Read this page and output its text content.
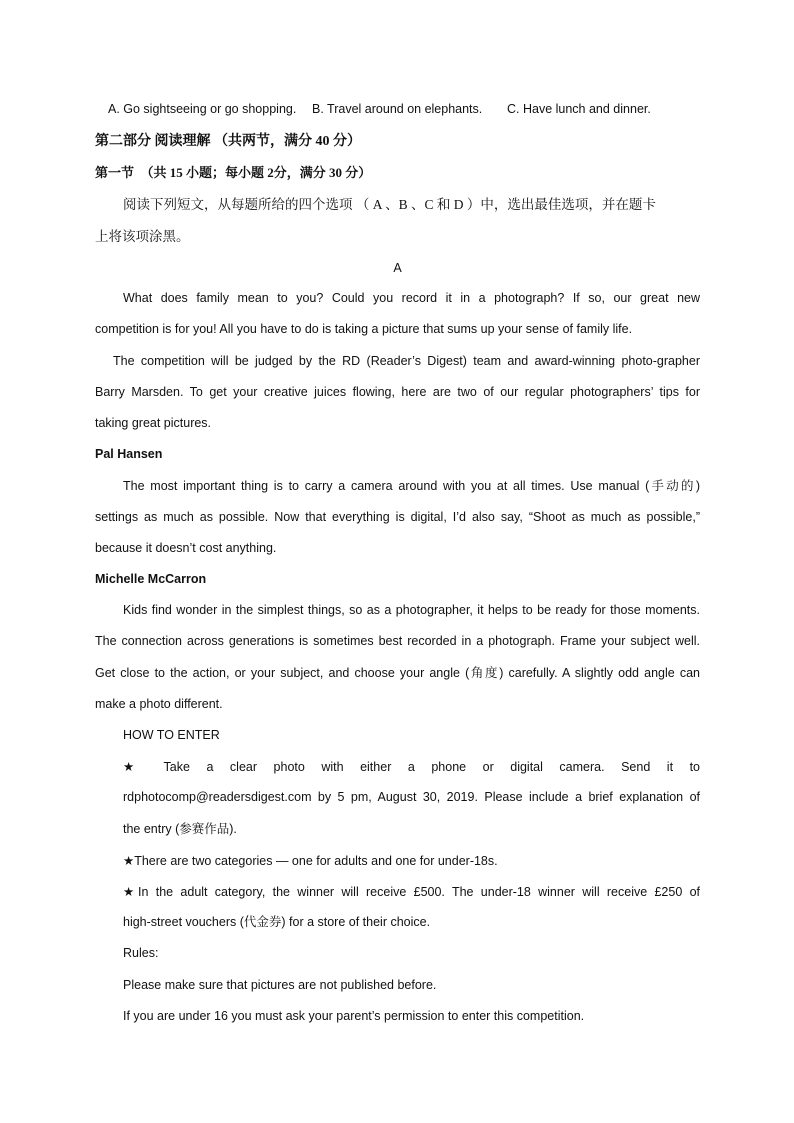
A. Go sightseeing or go shopping. B. Travel around on elephants. C. Have lunch and dinner.
第二部分 阅读理解 （共两节，满分 40 分）
第一节　（共 15 小题；每小题 2分，满分 30 分）
阅读下列短文，从每题所给的四个选项 （ A 、B 、C 和 D ）中，选出最佳选项，并在题卡
上将该项涂黑。
A
What does family mean to you? Could you record it in a photograph? If so, our great new
competition is for you! All you have to do is taking a picture that sums up your sense of family life.
The competition will be judged by the RD (Reader’s Digest) team and award-winning photo-grapher
Barry Marsden. To get your creative juices flowing, here are two of our regular photographers’ tips for
taking great pictures.
Pal Hansen
The most important thing is to carry a camera around with you at all times. Use manual (手动的)
settings as much as possible. Now that everything is digital, I’d also say, “Shoot as much as possible,”
because it doesn’t cost anything.
Michelle McCarron
Kids find wonder in the simplest things, so as a photographer, it helps to be ready for those moments.
The connection across generations is sometimes best recorded in a photograph. Frame your subject well.
Get close to the action, or your subject, and choose your angle (角度) carefully. A slightly odd angle can
make a photo different.
HOW TO ENTER
★ Take a clear photo with either a phone or digital camera. Send it to
rdphotocomp@readersdigest.com by 5 pm, August 30, 2019. Please include a brief explanation of
the entry (参赛作品).
★There are two categories — one for adults and one for under-18s.
★In the adult category, the winner will receive £500. The under-18 winner will receive £250 of
high-street vouchers (代金券) for a store of their choice.
Rules:
Please make sure that pictures are not published before.
If you are under 16 you must ask your parent’s permission to enter this competition.
